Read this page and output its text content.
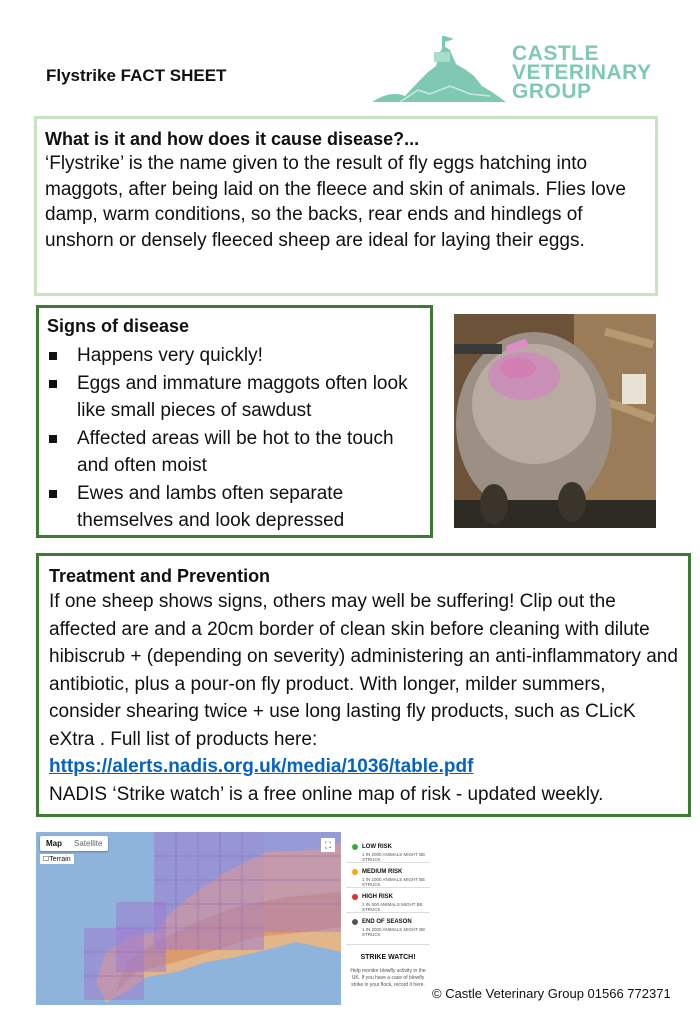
Flystrike FACT SHEET
CASTLE
VETERINARY
GROUP
What is it and how does it cause disease?...
‘Flystrike’ is the name given to the result of fly eggs hatching into maggots, after being laid on the fleece and skin of animals. Flies love damp, warm conditions, so the backs, rear ends and hindlegs of unshorn or densely fleeced sheep are ideal for laying their eggs.
Signs of disease
Happens very quickly!
Eggs and immature maggots often look like small pieces of sawdust
Affected areas will be hot to the touch and often moist
Ewes and lambs often separate themselves and look depressed
Treatment and Prevention
If one sheep shows signs, others may well be suffering! Clip out the affected are and a 20cm border of clean skin before cleaning with dilute hibiscrub + (depending on severity) administering an anti-inflammatory and antibiotic, plus a pour-on fly product. With longer, milder summers, consider shearing twice + use long lasting fly products, such as CLicK eXtra . Full list of products here:
https://alerts.nadis.org.uk/media/1036/table.pdf
NADIS ‘Strike watch’ is a free online map of risk - updated weekly.
Map	Satellite
☐Terrain
⛶	LOW RISK
1 IN 2000 ANIMALS MIGHT BE STRUCK
MEDIUM RISK
1 IN 1000 ANIMALS MIGHT BE STRUCK
HIGH RISK
1 IN 500 ANIMALS MIGHT BE STRUCK
END OF SEASON
1 IN 2000 ANIMALS MIGHT BE STRUCK
STRIKE WATCH!
Help monitor blowfly activity in the UK. If you have a case of blowfly strike in your flock, record it here.
© Castle Veterinary Group 01566 772371
